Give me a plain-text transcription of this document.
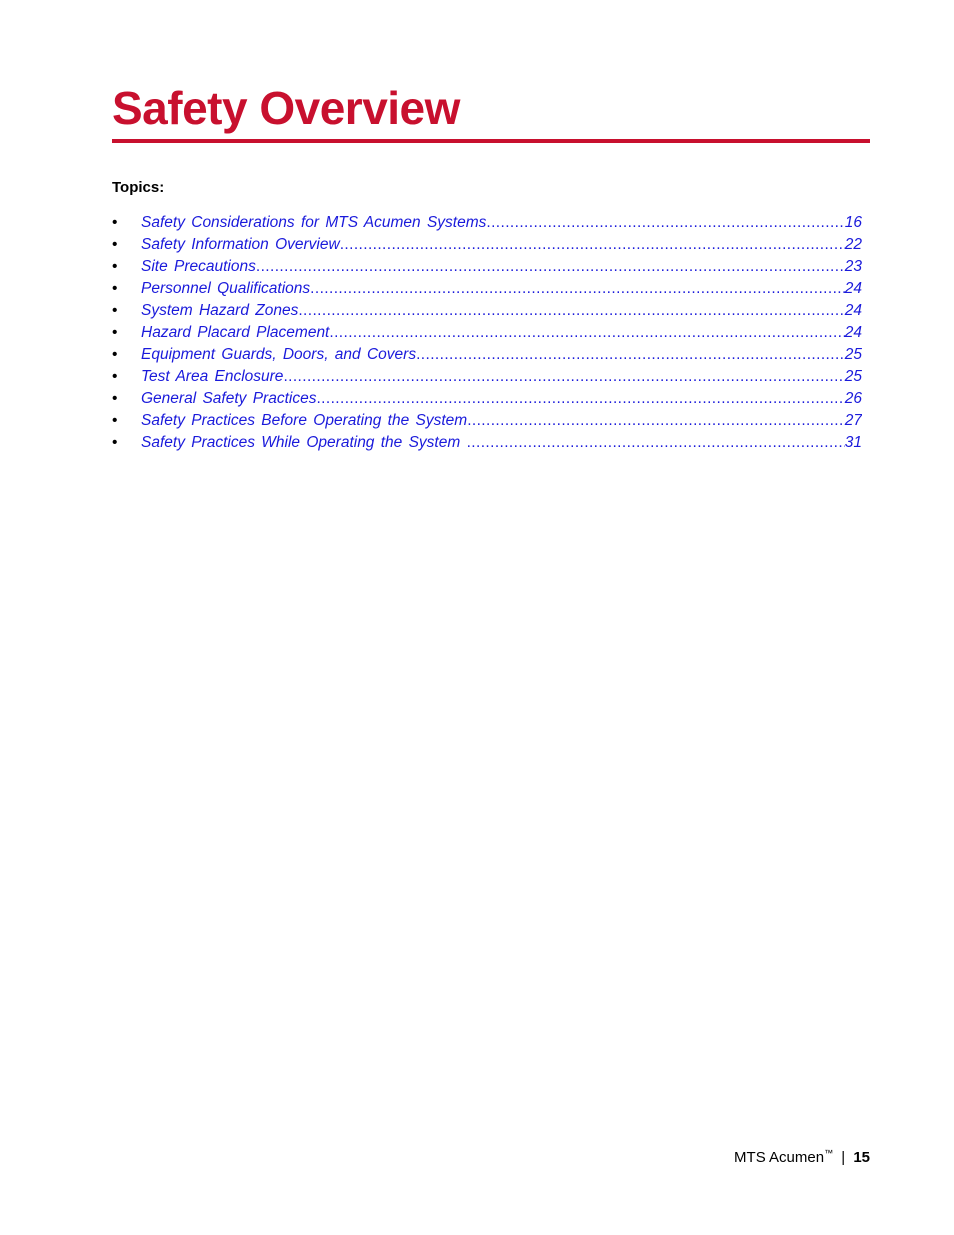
Safety Overview
Topics:
•	Safety Considerations for MTS Acumen Systems .....	16
•	Safety Information Overview .....	22
•	Site Precautions .....	23
•	Personnel Qualifications .....	24
•	System Hazard Zones .....	24
•	Hazard Placard Placement .....	24
•	Equipment Guards, Doors, and Covers .....	25
•	Test Area Enclosure .....	25
•	General Safety Practices .....	26
•	Safety Practices Before Operating the System .....	27
•	Safety Practices While Operating the System .....	31
MTS Acumen™ | 15
